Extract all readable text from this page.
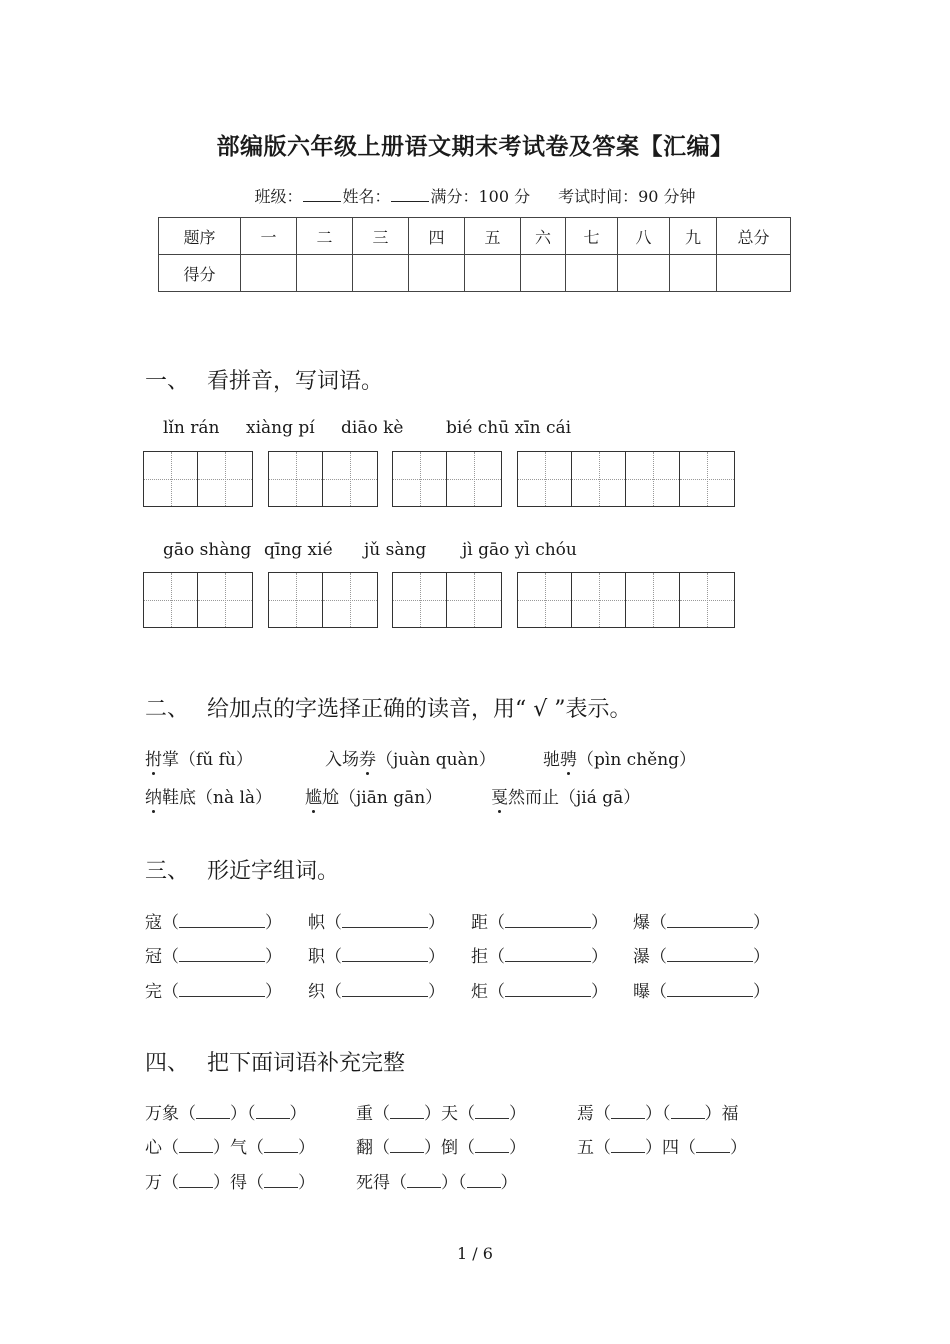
部编版六年级上册语文期末考试卷及答案【汇编】
班级：	姓名：	满分：100 分 考试时间：90 分钟
题序	一	二	三	四	五	六	七	八	九	总分
得分										
一、 看拼音，写词语。
lǐn rán xiàng pí diāo kè	bié chū xīn cái
gāo shàng qīng xié jǔ sàng jì gāo yì chóu
二、 给加点的字选择正确的读音，用“ √ ”表示。
拊掌（fǔ fù）	入场券（juàn quàn）	驰骋（pìn chěng）
纳鞋底（nà là） 尴尬（jiān gān）	戛然而止（jiá gā）
三、 形近字组词。
寇（	） 帜（	） 距（	） 爆（	）
冠（	） 职（	） 拒（	） 瀑（	）
完（	） 织（	） 炬（	） 曝（	）
四、 把下面词语补充完整
万象（ ）（ ）	重（ ）天（ ）	焉（ ）（ ）福
心（ ）气（ ） 翻（ ）倒（ ）	五（ ）四（ ）
万（ ）得（ ） 死得（ ）（ ）
1 / 6
